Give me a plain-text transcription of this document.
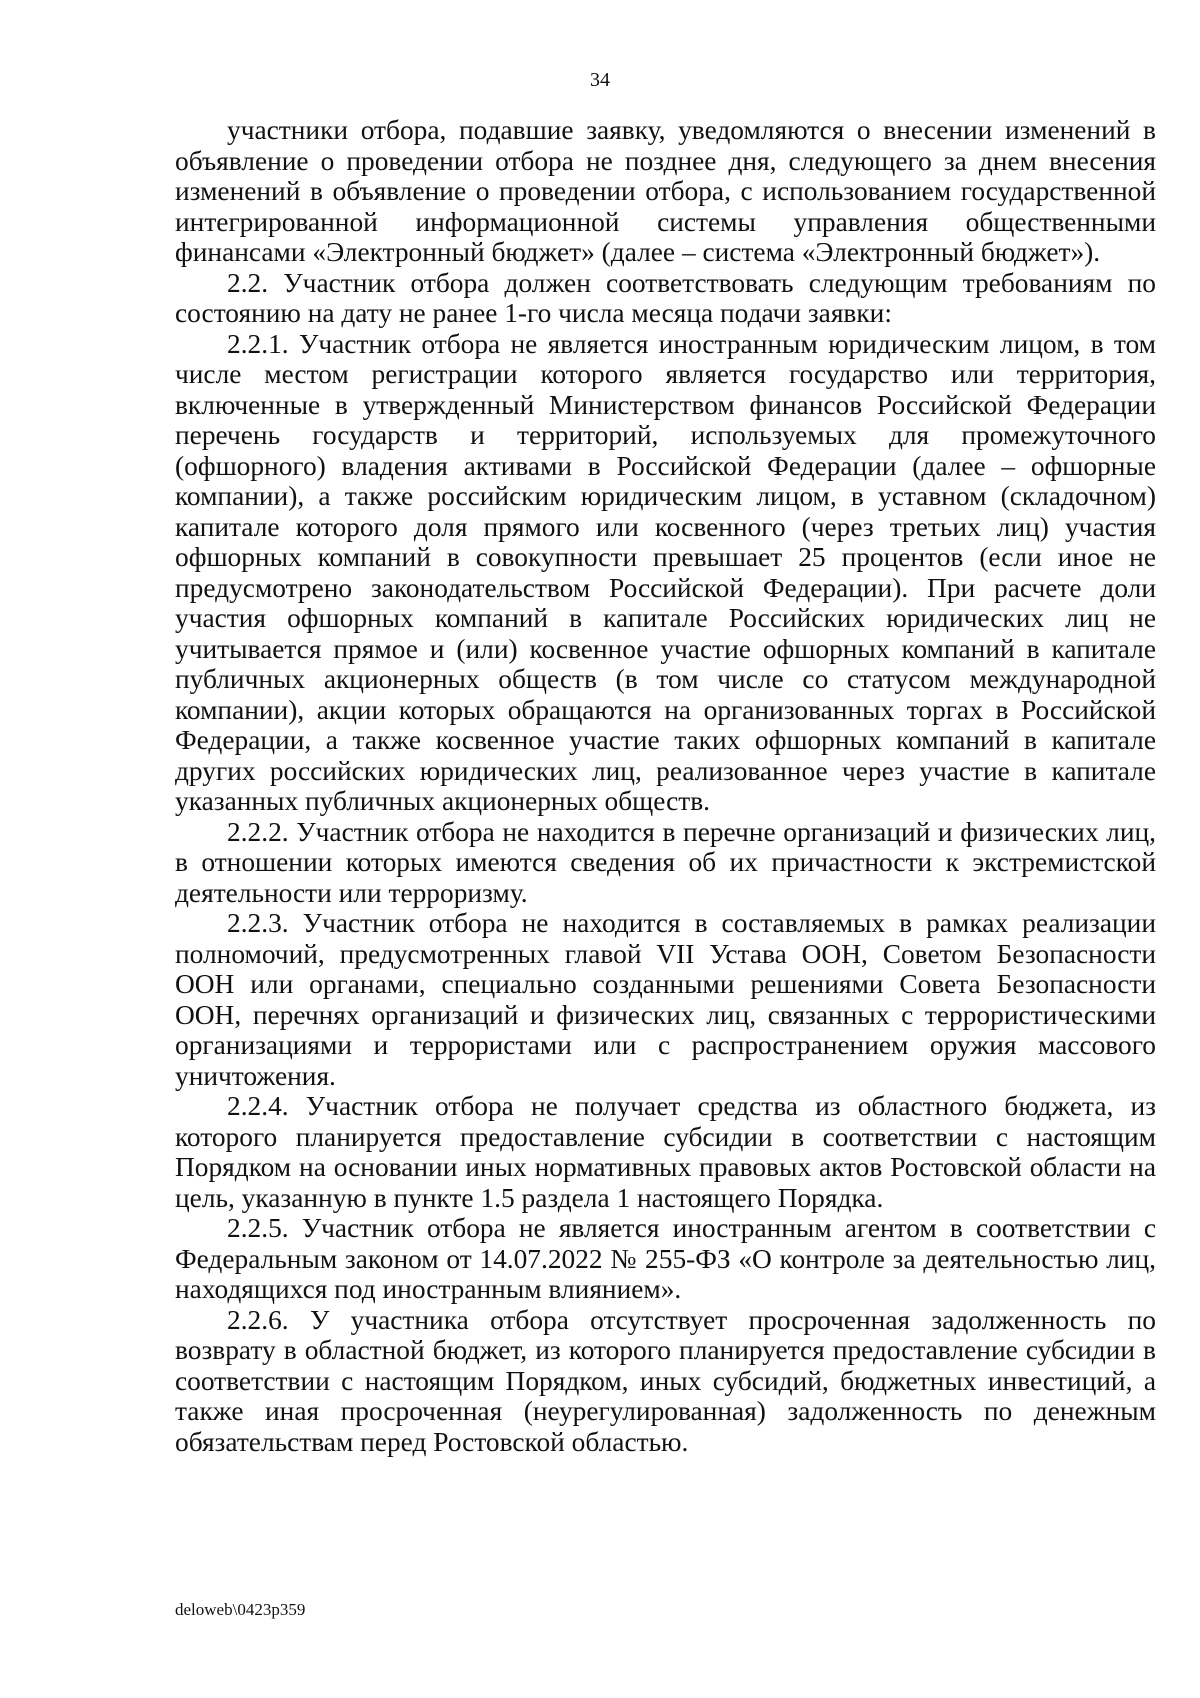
34

участники отбора, подавшие заявку, уведомляются о внесении изменений в объявление о проведении отбора не позднее дня, следующего за днем внесения изменений в объявление о проведении отбора, с использованием государственной интегрированной информационной системы управления общественными финансами «Электронный бюджет» (далее – система «Электронный бюджет»).

2.2. Участник отбора должен соответствовать следующим требованиям по состоянию на дату не ранее 1-го числа месяца подачи заявки:

2.2.1. Участник отбора не является иностранным юридическим лицом, в том числе местом регистрации которого является государство или территория, включенные в утвержденный Министерством финансов Российской Федерации перечень государств и территорий, используемых для промежуточного (офшорного) владения активами в Российской Федерации (далее – офшорные компании), а также российским юридическим лицом, в уставном (складочном) капитале которого доля прямого или косвенного (через третьих лиц) участия офшорных компаний в совокупности превышает 25 процентов (если иное не предусмотрено законодательством Российской Федерации). При расчете доли участия офшорных компаний в капитале Российских юридических лиц не учитывается прямое и (или) косвенное участие офшорных компаний в капитале публичных акционерных обществ (в том числе со статусом международной компании), акции которых обращаются на организованных торгах в Российской Федерации, а также косвенное участие таких офшорных компаний в капитале других российских юридических лиц, реализованное через участие в капитале указанных публичных акционерных обществ.

2.2.2. Участник отбора не находится в перечне организаций и физических лиц, в отношении которых имеются сведения об их причастности к экстремистской деятельности или терроризму.

2.2.3. Участник отбора не находится в составляемых в рамках реализации полномочий, предусмотренных главой VII Устава ООН, Советом Безопасности ООН или органами, специально созданными решениями Совета Безопасности ООН, перечнях организаций и физических лиц, связанных с террористическими организациями и террористами или с распространением оружия массового уничтожения.

2.2.4. Участник отбора не получает средства из областного бюджета, из которого планируется предоставление субсидии в соответствии с настоящим Порядком на основании иных нормативных правовых актов Ростовской области на цель, указанную в пункте 1.5 раздела 1 настоящего Порядка.

2.2.5. Участник отбора не является иностранным агентом в соответствии с Федеральным законом от 14.07.2022 № 255-ФЗ «О контроле за деятельностью лиц, находящихся под иностранным влиянием».

2.2.6. У участника отбора отсутствует просроченная задолженность по возврату в областной бюджет, из которого планируется предоставление субсидии в соответствии с настоящим Порядком, иных субсидий, бюджетных инвестиций, а также иная просроченная (неурегулированная) задолженность по денежным обязательствам перед Ростовской областью.

deloweb\0423p359
